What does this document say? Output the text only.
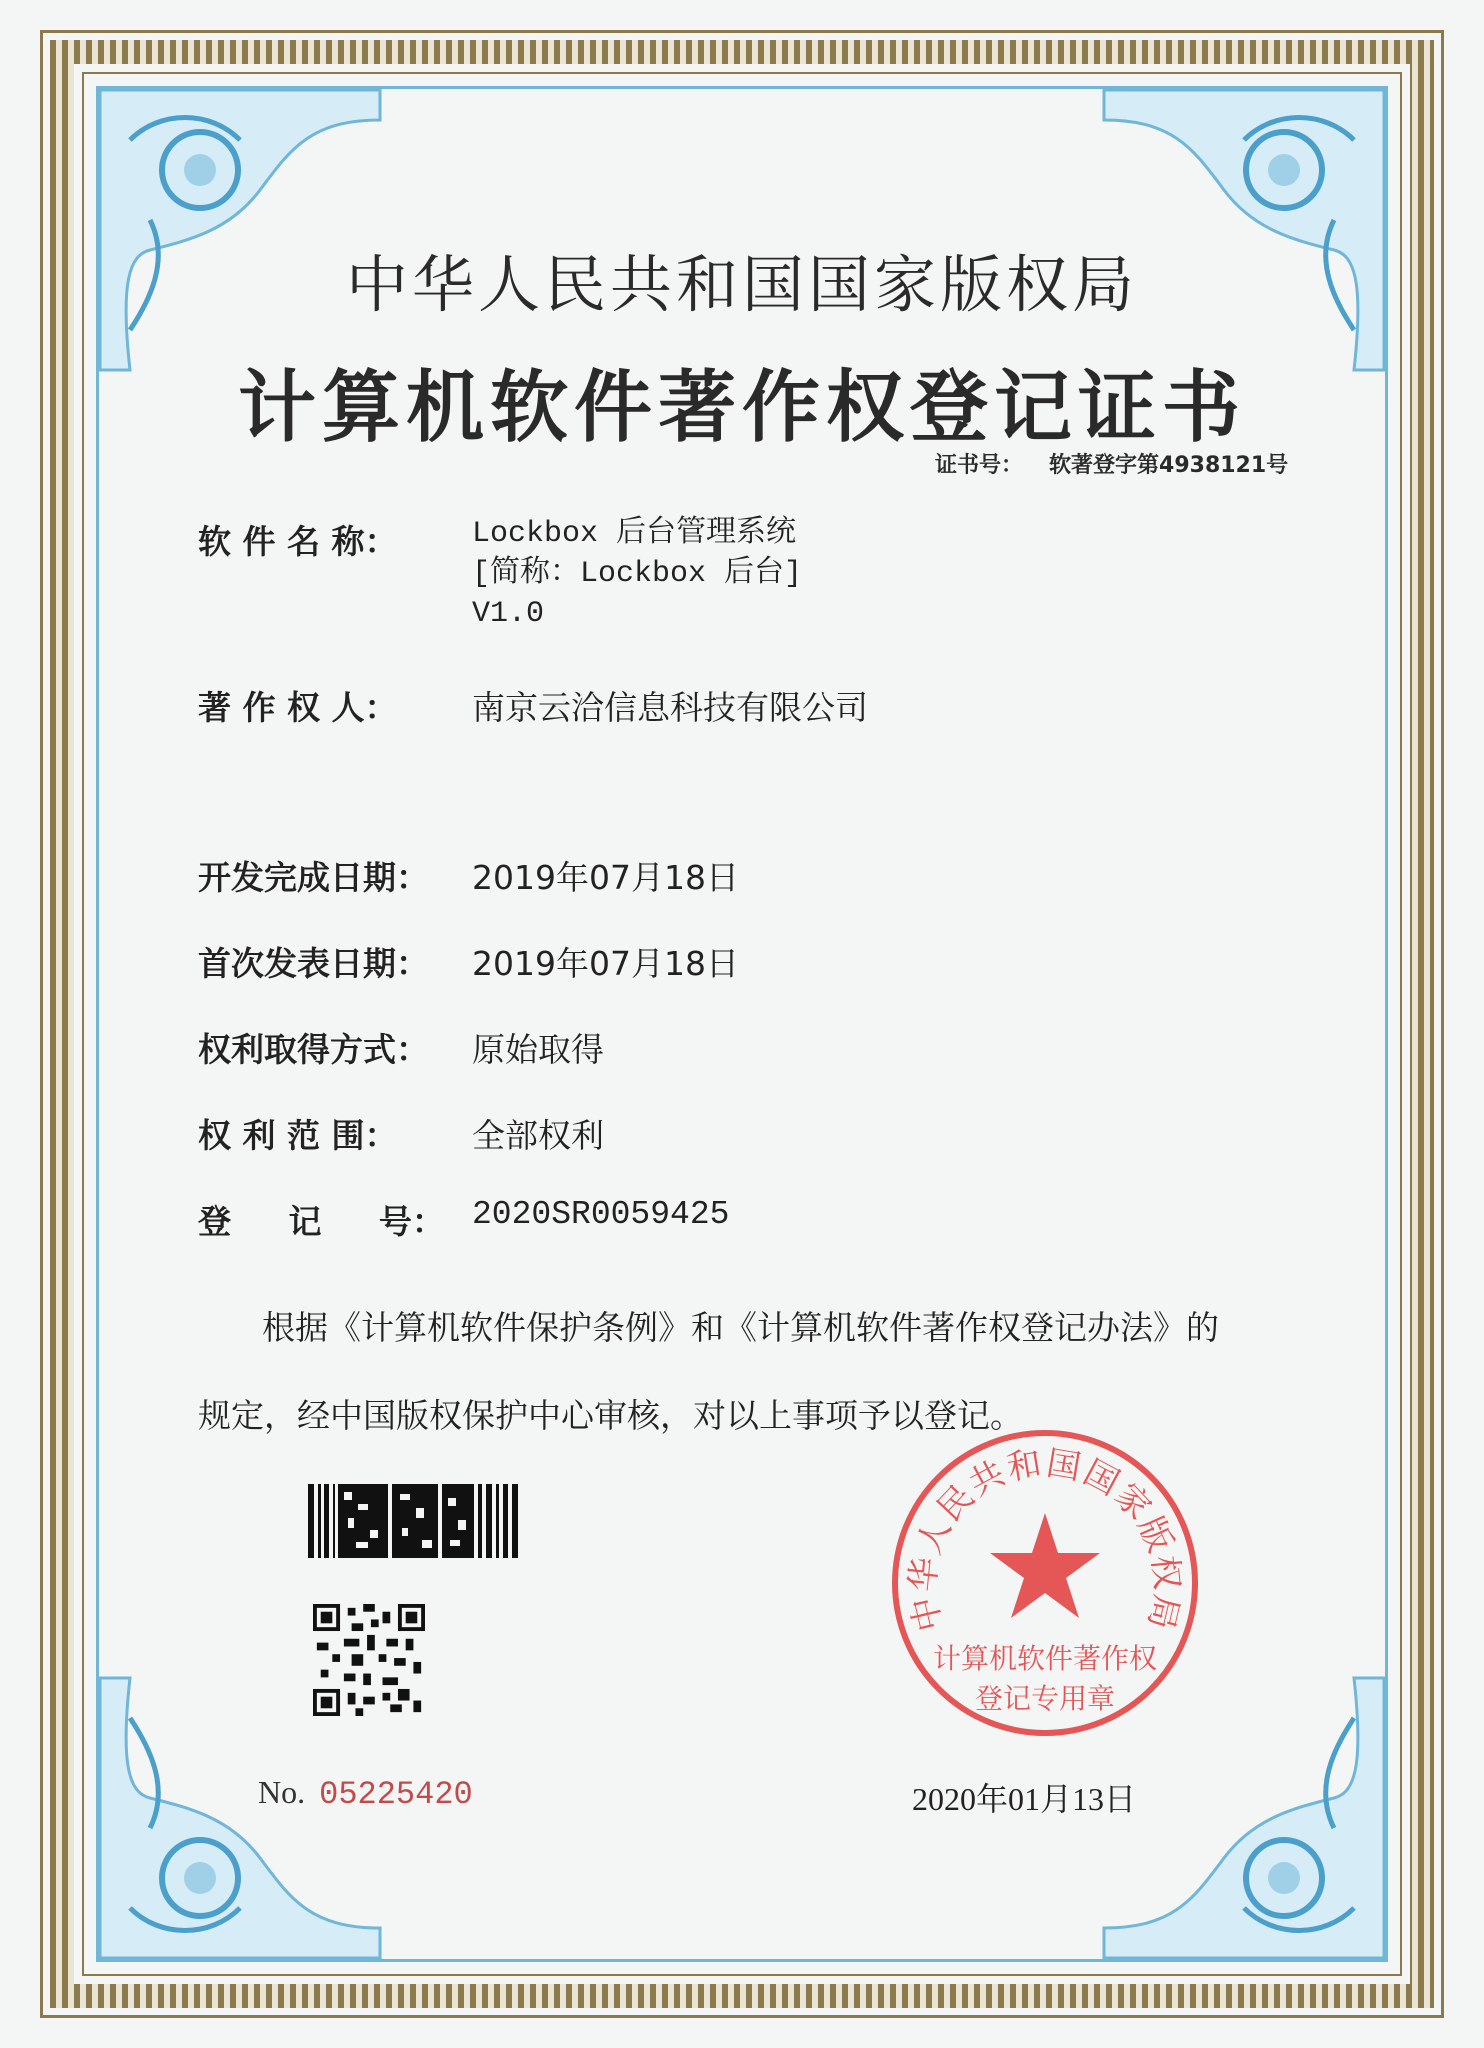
中华人民共和国国家版权局
计算机软件著作权登记证书
证书号： 软著登字第4938121号
软 件 名 称：	Lockbox 后台管理系统
[简称：Lockbox 后台]
V1.0
著 作 权 人： 南京云洽信息科技有限公司
开发完成日期： 2019年07月18日
首次发表日期： 2019年07月18日
权利取得方式： 原始取得
权 利 范 围： 全部权利
登     记     号： 2020SR0059425
根据《计算机软件保护条例》和《计算机软件著作权登记办法》的
规定，经中国版权保护中心审核，对以上事项予以登记。
No. 05225420
中华人民共和国国家版权局
计算机软件著作权
登记专用章
2020年01月13日
